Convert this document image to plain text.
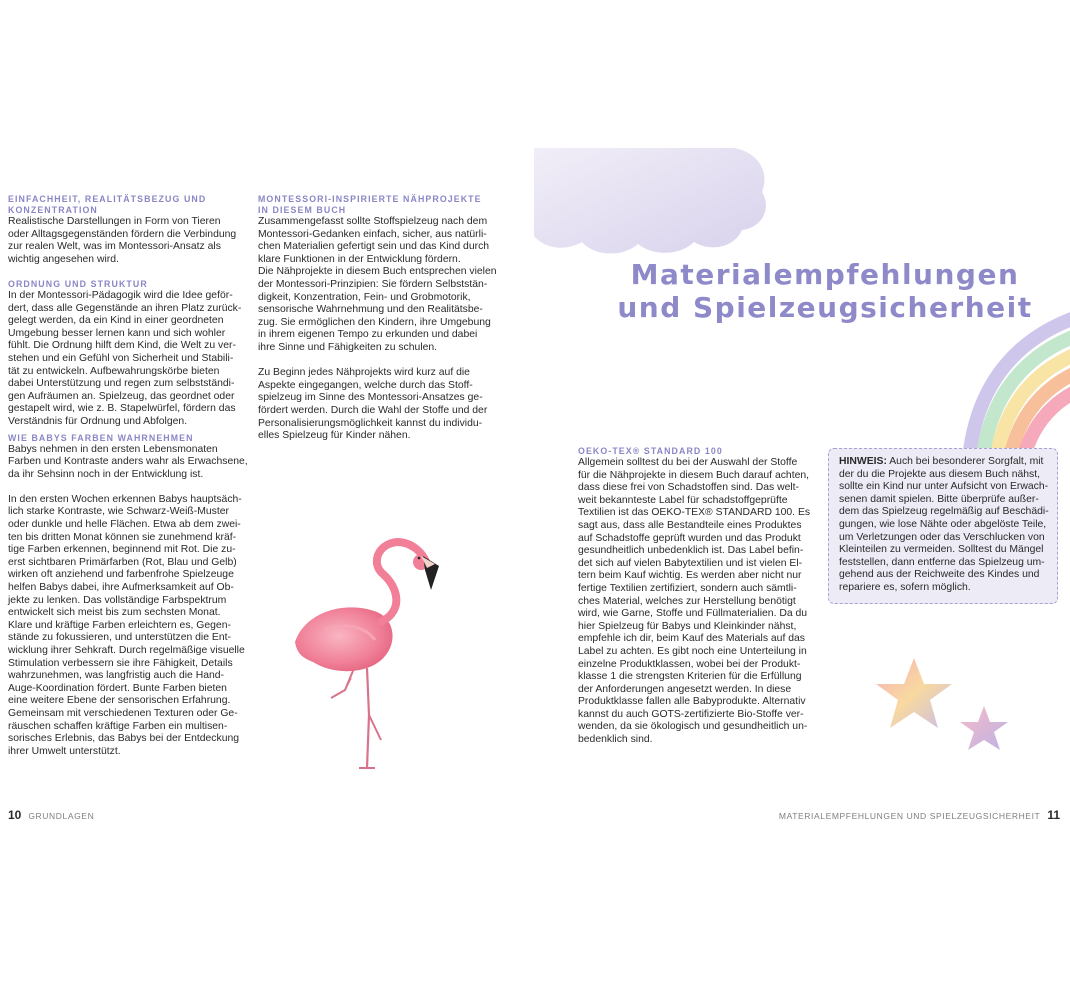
EINFACHHEIT, REALITÄTSBEZUG UND
KONZENTRATION

Realistische Darstellungen in Form von Tieren
oder Alltagsgegenständen fördern die Verbindung
zur realen Welt, was im Montessori-Ansatz als
wichtig angesehen wird.

ORDNUNG UND STRUKTUR

In der Montessori-Pädagogik wird die Idee geför-
dert, dass alle Gegenstände an ihren Platz zurück-
gelegt werden, da ein Kind in einer geordneten
Umgebung besser lernen kann und sich wohler
fühlt. Die Ordnung hilft dem Kind, die Welt zu ver-
stehen und ein Gefühl von Sicherheit und Stabili-
tät zu entwickeln. Aufbewahrungskörbe bieten
dabei Unterstützung und regen zum selbstständi-
gen Aufräumen an. Spielzeug, das geordnet oder
gestapelt wird, wie z. B. Stapelwürfel, fördern das
Verständnis für Ordnung und Abfolgen.

WIE BABYS FARBEN WAHRNEHMEN

Babys nehmen in den ersten Lebensmonaten
Farben und Kontraste anders wahr als Erwachsene,
da ihr Sehsinn noch in der Entwicklung ist.

In den ersten Wochen erkennen Babys hauptsäch-
lich starke Kontraste, wie Schwarz-Weiß-Muster
oder dunkle und helle Flächen. Etwa ab dem zwei-
ten bis dritten Monat können sie zunehmend kräf-
tige Farben erkennen, beginnend mit Rot. Die zu-
erst sichtbaren Primärfarben (Rot, Blau und Gelb)
wirken oft anziehend und farbenfrohe Spielzeuge
helfen Babys dabei, ihre Aufmerksamkeit auf Ob-
jekte zu lenken. Das vollständige Farbspektrum
entwickelt sich meist bis zum sechsten Monat.
Klare und kräftige Farben erleichtern es, Gegen-
stände zu fokussieren, und unterstützen die Ent-
wicklung ihrer Sehkraft. Durch regelmäßige visuelle
Stimulation verbessern sie ihre Fähigkeit, Details
wahrzunehmen, was langfristig auch die Hand-
Auge-Koordination fördert. Bunte Farben bieten
eine weitere Ebene der sensorischen Erfahrung.
Gemeinsam mit verschiedenen Texturen oder Ge-
räuschen schaffen kräftige Farben ein multisen-
sorisches Erlebnis, das Babys bei der Entdeckung
ihrer Umwelt unterstützt.

MONTESSORI-INSPIRIERTE NÄHPROJEKTE
IN DIESEM BUCH

Zusammengefasst sollte Stoffspielzeug nach dem
Montessori-Gedanken einfach, sicher, aus natürli-
chen Materialien gefertigt sein und das Kind durch
klare Funktionen in der Entwicklung fördern.
Die Nähprojekte in diesem Buch entsprechen vielen
der Montessori-Prinzipien: Sie fördern Selbststän-
digkeit, Konzentration, Fein- und Grobmotorik,
sensorische Wahrnehmung und den Realitätsbe-
zug. Sie ermöglichen den Kindern, ihre Umgebung
in ihrem eigenen Tempo zu erkunden und dabei
ihre Sinne und Fähigkeiten zu schulen.

Zu Beginn jedes Nähprojekts wird kurz auf die
Aspekte eingegangen, welche durch das Stoff-
spielzeug im Sinne des Montessori-Ansatzes ge-
fördert werden. Durch die Wahl der Stoffe und der
Personalisierungsmöglichkeit kannst du individu-
elles Spielzeug für Kinder nähen.

Materialempfehlungen
und Spielzeugsicherheit
OEKO-TEX® STANDARD 100

Allgemein solltest du bei der Auswahl der Stoffe
für die Nähprojekte in diesem Buch darauf achten,
dass diese frei von Schadstoffen sind. Das welt-
weit bekannteste Label für schadstoffgeprüfte
Textilien ist das OEKO-TEX® STANDARD 100. Es
sagt aus, dass alle Bestandteile eines Produktes
auf Schadstoffe geprüft wurden und das Produkt
gesundheitlich unbedenklich ist. Das Label befin-
det sich auf vielen Babytextilien und ist vielen El-
tern beim Kauf wichtig. Es werden aber nicht nur
fertige Textilien zertifiziert, sondern auch sämtli-
ches Material, welches zur Herstellung benötigt
wird, wie Garne, Stoffe und Füllmaterialien. Da du
hier Spielzeug für Babys und Kleinkinder nähst,
empfehle ich dir, beim Kauf des Materials auf das
Label zu achten. Es gibt noch eine Unterteilung in
einzelne Produktklassen, wobei bei der Produkt-
klasse 1 die strengsten Kriterien für die Erfüllung
der Anforderungen angesetzt werden. In diese
Produktklasse fallen alle Babyprodukte. Alternativ
kannst du auch GOTS-zertifizierte Bio-Stoffe ver-
wenden, da sie ökologisch und gesundheitlich un-
bedenklich sind.

HINWEIS: Auch bei besonderer Sorgfalt, mit
der du die Projekte aus diesem Buch nähst,
sollte ein Kind nur unter Aufsicht von Erwach-
senen damit spielen. Bitte überprüfe außer-
dem das Spielzeug regelmäßig auf Beschädi-
gungen, wie lose Nähte oder abgelöste Teile,
um Verletzungen oder das Verschlucken von
Kleinteilen zu vermeiden. Solltest du Mängel
feststellen, dann entferne das Spielzeug um-
gehend aus der Reichweite des Kindes und
repariere es, sofern möglich.
10 GRUNDLAGEN	MATERIALEMPFEHLUNGEN UND SPIELZEUGSICHERHEIT 11
